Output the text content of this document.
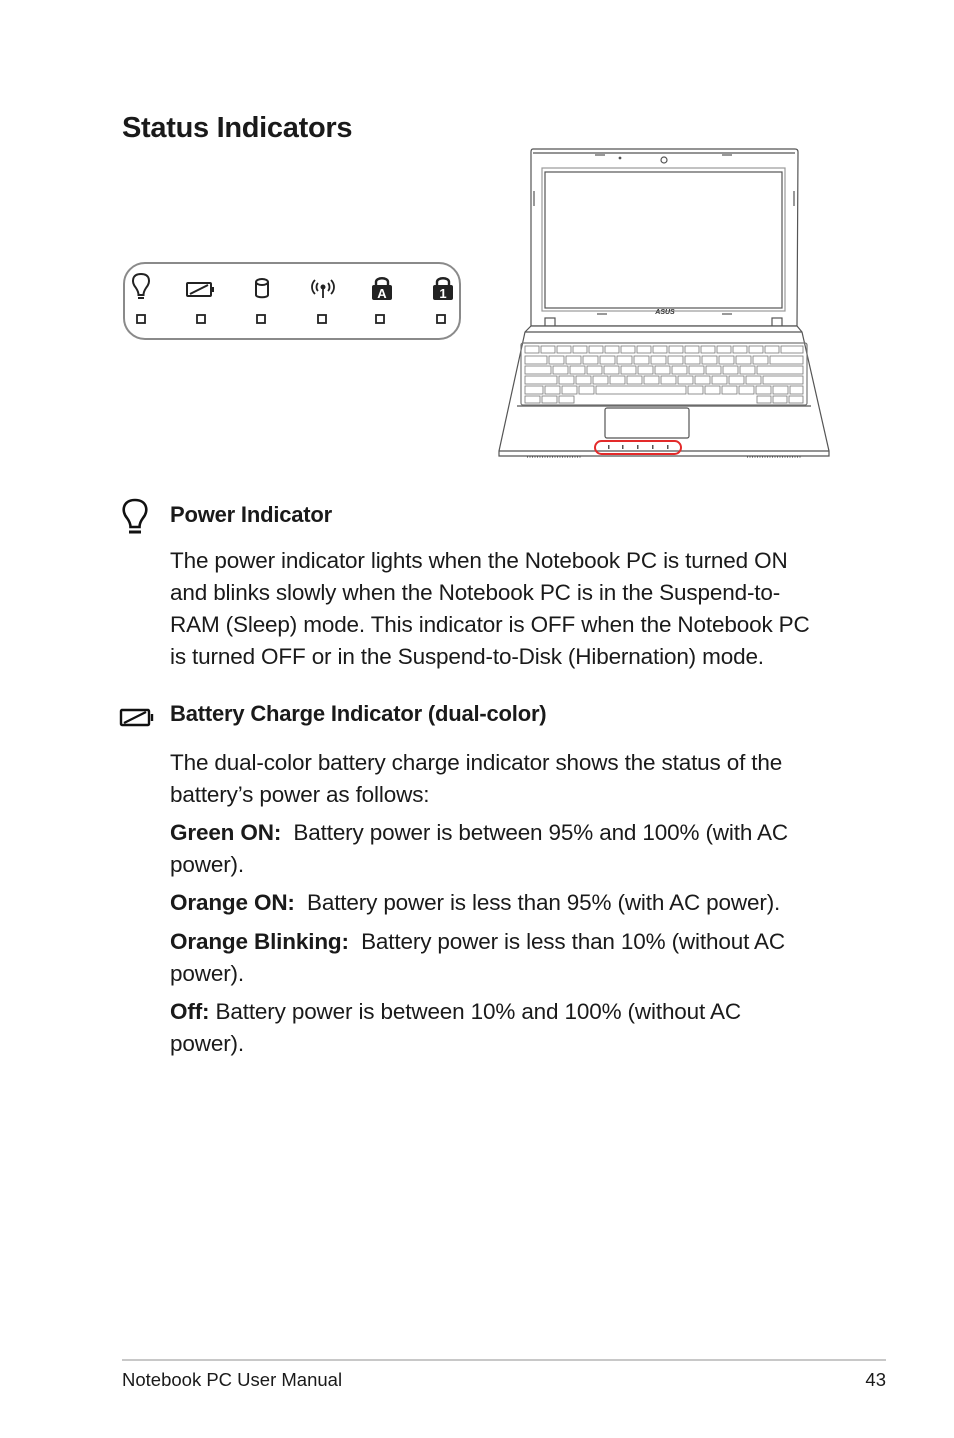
Status Indicators
A	1
ASUS
Power Indicator
The power indicator lights when the Notebook PC is turned ON
and blinks slowly when the Notebook PC is in the Suspend-to-
RAM (Sleep) mode. This indicator is OFF when the Notebook PC
is turned OFF or in the Suspend-to-Disk (Hibernation) mode.
Battery Charge Indicator (dual-color)
The dual-color battery charge indicator shows the status of the
battery’s power as follows:
Green ON: Battery power is between 95% and 100% (with AC
power).
Orange ON: Battery power is less than 95% (with AC power).
Orange Blinking: Battery power is less than 10% (without AC
power).
Off: Battery power is between 10% and 100% (without AC
power).
Notebook PC User Manual	43
